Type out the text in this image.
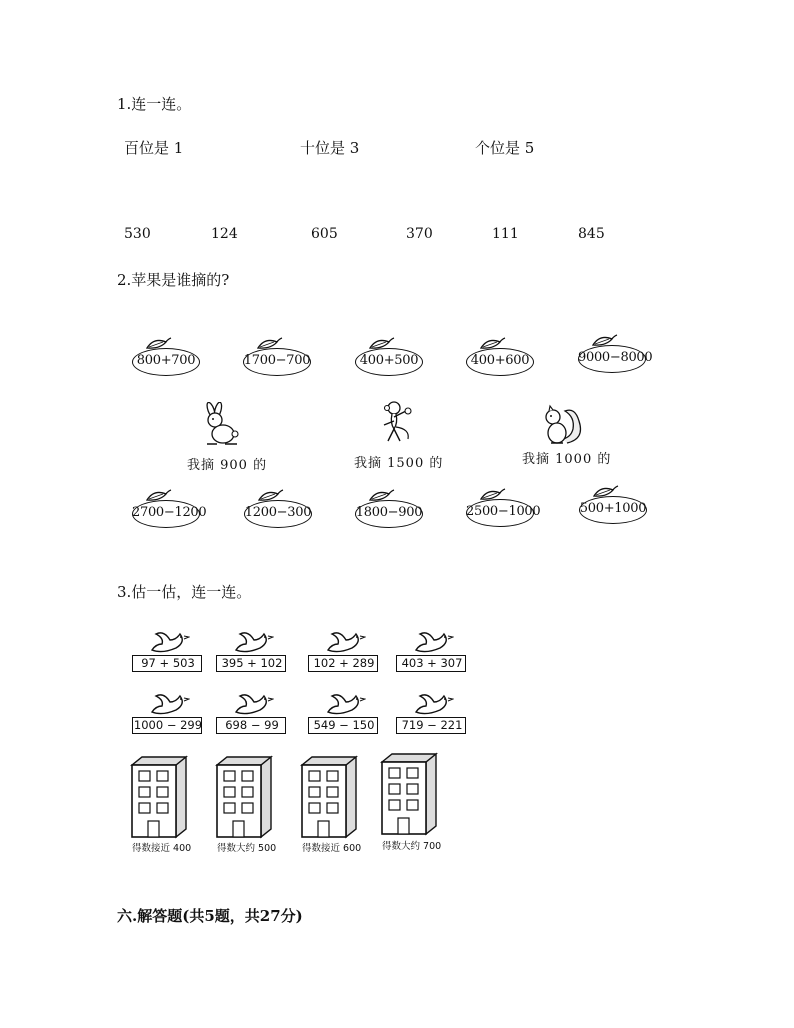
1.连一连。
百位是 1	十位是 3	个位是 5
530	124	605	370	111	845
2.苹果是谁摘的?
800+700	1700−700	400+500	400+600	9000−8000
我摘 900 的	我摘 1500 的	我摘 1000 的
2700−1200	1200−300	1800−900	2500−1000	500+1000
3.估一估，连一连。
97 + 503	395 + 102	102 + 289	403 + 307
1000 − 299	698 − 99	549 − 150	719 − 221
得数接近 400	得数大约 500	得数接近 600 得数大约 700
六.解答题(共5题，共27分)
